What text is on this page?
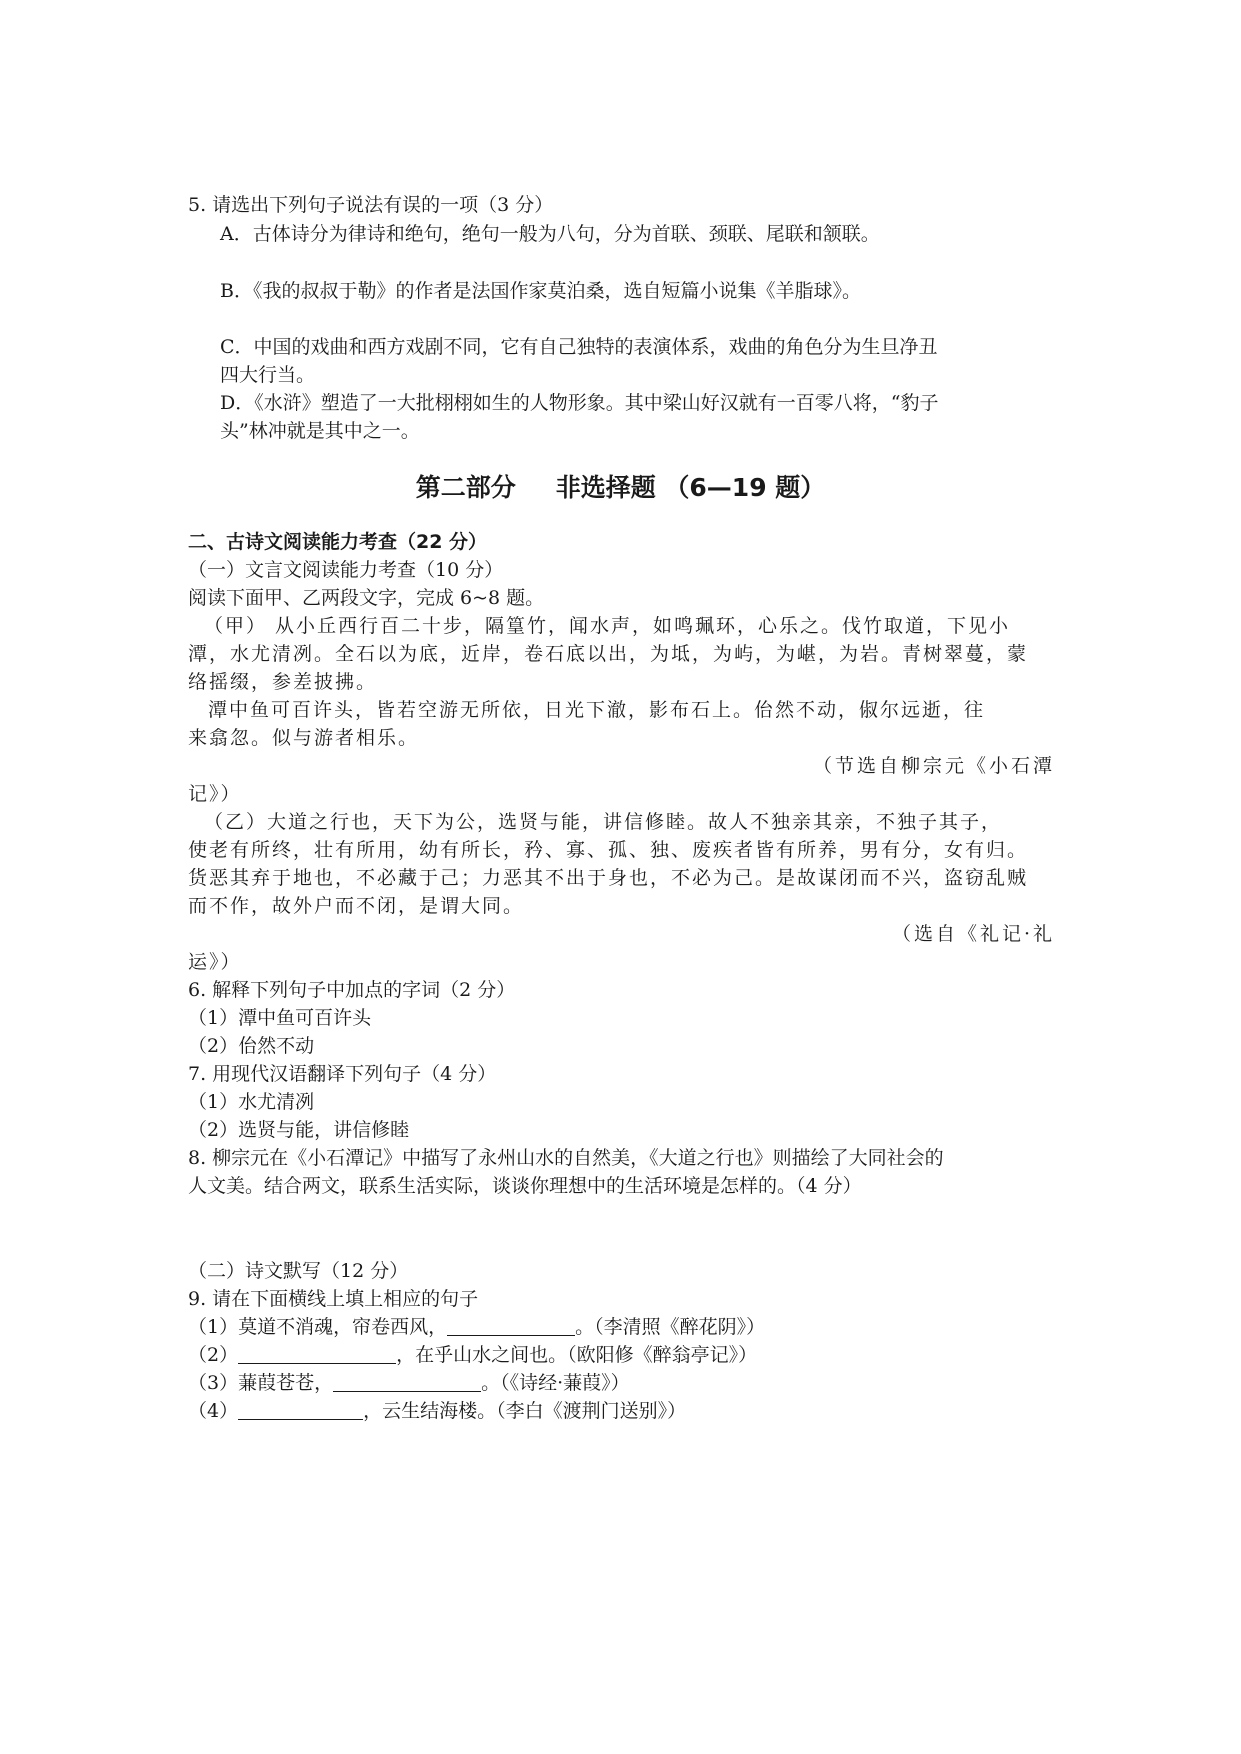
5. 请选出下列句子说法有误的一项（3 分）
A．古体诗分为律诗和绝句，绝句一般为八句，分为首联、颈联、尾联和颔联。
B．《我的叔叔于勒》的作者是法国作家莫泊桑，选自短篇小说集《羊脂球》。
C．中国的戏曲和西方戏剧不同，它有自己独特的表演体系，戏曲的角色分为生旦净丑
四大行当。
D．《水浒》塑造了一大批栩栩如生的人物形象。其中梁山好汉就有一百零八将，“豹子
头”林冲就是其中之一。
第二部分 非选择题 （6—19 题）
二、古诗文阅读能力考查（22 分）
（一）文言文阅读能力考查（10 分）
阅读下面甲、乙两段文字，完成 6~8 题。
（甲） 从小丘西行百二十步，隔篁竹，闻水声，如鸣珮环，心乐之。伐竹取道，下见小
潭，水尤清冽。全石以为底，近岸，卷石底以出，为坻，为屿，为嵁，为岩。青树翠蔓，蒙
络摇缀，参差披拂。
潭中鱼可百许头，皆若空游无所依，日光下澈，影布石上。佁然不动，俶尔远逝，往
来翕忽。似与游者相乐。
（节选自柳宗元《小石潭
记》）
（乙）大道之行也，天下为公，选贤与能，讲信修睦。故人不独亲其亲，不独子其子，
使老有所终，壮有所用，幼有所长，矜、寡、孤、独、废疾者皆有所养，男有分，女有归。
货恶其弃于地也，不必藏于己；力恶其不出于身也，不必为己。是故谋闭而不兴，盗窃乱贼
而不作，故外户而不闭，是谓大同。
（选自《礼记·礼
运》）
6. 解释下列句子中加点的字词（2 分）
（1）潭中鱼可百许头
（2）佁然不动
7. 用现代汉语翻译下列句子（4 分）
（1）水尤清冽
（2）选贤与能，讲信修睦
8. 柳宗元在《小石潭记》中描写了永州山水的自然美，《大道之行也》则描绘了大同社会的
人文美。结合两文，联系生活实际，谈谈你理想中的生活环境是怎样的。（4 分）
（二）诗文默写（12 分）
9. 请在下面横线上填上相应的句子
（1）莫道不消魂，帘卷西风，	。（李清照《醉花阴》）
（2）	，在乎山水之间也。（欧阳修《醉翁亭记》）
（3）蒹葭苍苍，	。（《诗经·蒹葭》）
（4）	，云生结海楼。（李白《渡荆门送别》）
